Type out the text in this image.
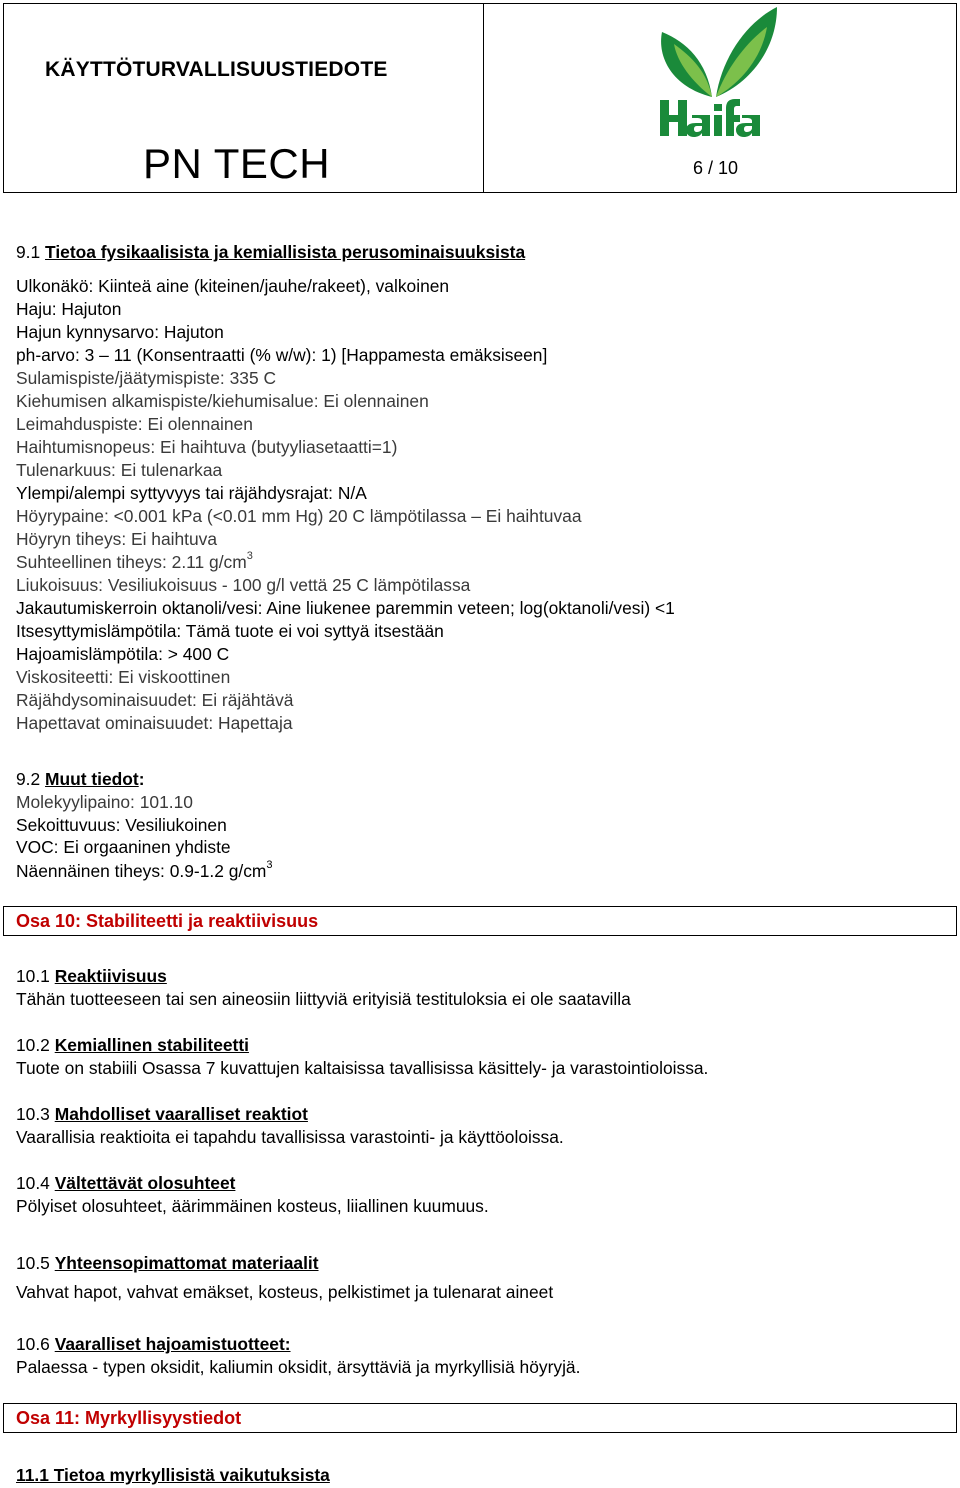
KÄYTTÖTURVALLISUUSTIEDOTE
PN TECH	6 / 10
9.1 Tietoa fysikaalisista ja kemiallisista perusominaisuuksista
Ulkonäkö: Kiinteä aine (kiteinen/jauhe/rakeet), valkoinen
Haju: Hajuton
Hajun kynnysarvo: Hajuton
ph-arvo: 3 – 11 (Konsentraatti (% w/w): 1) [Happamesta emäksiseen]
Sulamispiste/jäätymispiste: 335 C
Kiehumisen alkamispiste/kiehumisalue: Ei olennainen
Leimahduspiste: Ei olennainen
Haihtumisnopeus: Ei haihtuva (butyyliasetaatti=1)
Tulenarkuus: Ei tulenarkaa
Ylempi/alempi syttyvyys tai räjähdysrajat: N/A
Höyrypaine: <0.001 kPa (<0.01 mm Hg) 20 C lämpötilassa – Ei haihtuvaa
Höyryn tiheys: Ei haihtuva
Suhteellinen tiheys: 2.11 $g/cm^3$
Liukoisuus: Vesiliukoisuus - 100 g/l vettä 25 C lämpötilassa
Jakautumiskerroin oktanoli/vesi: Aine liukenee paremmin veteen; log(oktanoli/vesi) <1
Itsesyttymislämpötila: Tämä tuote ei voi syttyä itsestään
Hajoamislämpötila: > 400 C
Viskositeetti: Ei viskoottinen
Räjähdysominaisuudet: Ei räjähtävä
Hapettavat ominaisuudet: Hapettaja
9.2 Muut tiedot:
Molekyylipaino: 101.10
Sekoittuvuus: Vesiliukoinen
VOC: Ei orgaaninen yhdiste
Näennäinen tiheys: 0.9-1.2 $g/cm^3$
Osa 10: Stabiliteetti ja reaktiivisuus
10.1 Reaktiivisuus
Tähän tuotteeseen tai sen aineosiin liittyviä erityisiä testituloksia ei ole saatavilla
10.2 Kemiallinen stabiliteetti
Tuote on stabiili Osassa 7 kuvattujen kaltaisissa tavallisissa käsittely- ja varastointioloissa.
10.3 Mahdolliset vaaralliset reaktiot
Vaarallisia reaktioita ei tapahdu tavallisissa varastointi- ja käyttöoloissa.
10.4 Vältettävät olosuhteet
Pölyiset olosuhteet, äärimmäinen kosteus, liiallinen kuumuus.
10.5 Yhteensopimattomat materiaalit
Vahvat hapot, vahvat emäkset, kosteus, pelkistimet ja tulenarat aineet
10.6 Vaaralliset hajoamistuotteet:
Palaessa - typen oksidit, kaliumin oksidit, ärsyttäviä ja myrkyllisiä höyryjä.
Osa 11: Myrkyllisyystiedot
11.1 Tietoa myrkyllisistä vaikutuksista
